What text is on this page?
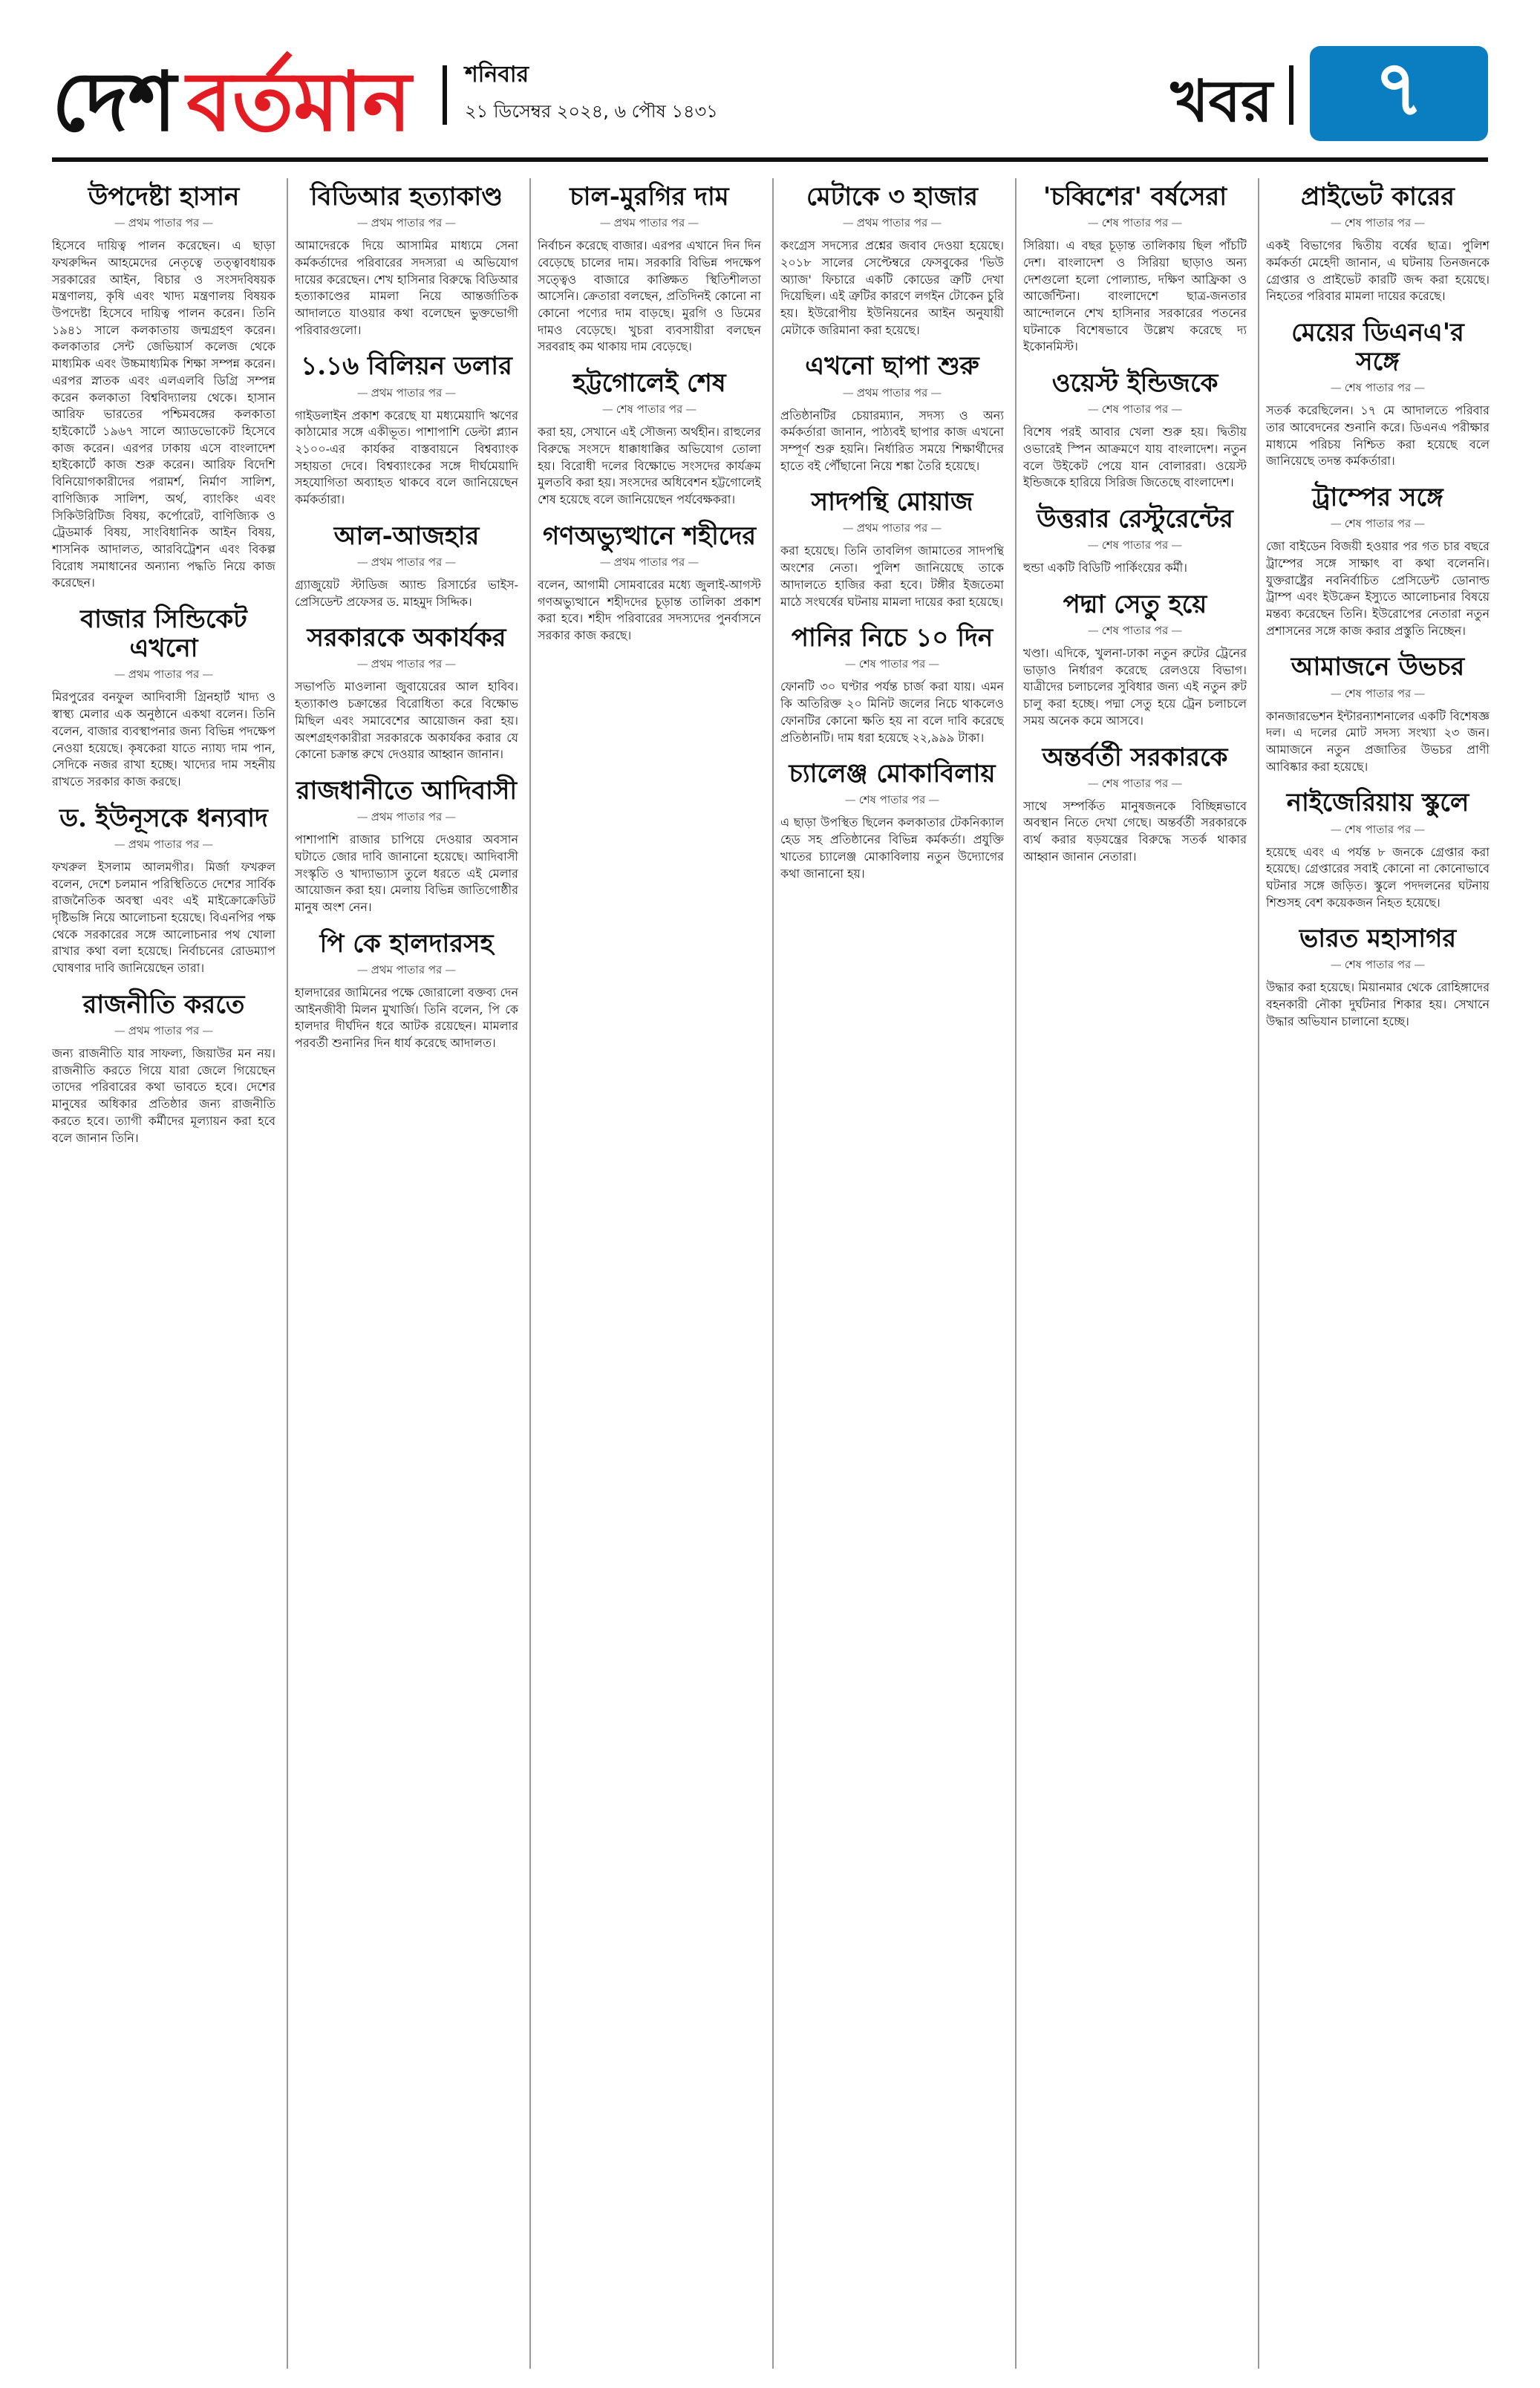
দেশ বর্তমান শনিবার
২১ ডিসেম্বর ২০২৪, ৬ পৌষ ১৪৩১	খবর	৭
উপদেষ্টা হাসান
— প্রথম পাতার পর —
হিসেবে দায়িত্ব পালন করেছেন। এ ছাড়া ফখরুদ্দিন আহমেদের নেতৃত্বে তত্ত্বাবধায়ক সরকারের আইন, বিচার ও সংসদবিষয়ক মন্ত্রণালয়, কৃষি এবং খাদ্য মন্ত্রণালয় বিষয়ক উপদেষ্টা হিসেবে দায়িত্ব পালন করেন। তিনি ১৯৪১ সালে কলকাতায় জন্মগ্রহণ করেন। কলকাতার সেন্ট জেভিয়ার্স কলেজ থেকে মাধ্যমিক এবং উচ্চমাধ্যমিক শিক্ষা সম্পন্ন করেন। এরপর স্নাতক এবং এলএলবি ডিগ্রি সম্পন্ন করেন কলকাতা বিশ্ববিদ্যালয় থেকে। হাসান আরিফ ভারতের পশ্চিমবঙ্গের কলকাতা হাইকোর্টে ১৯৬৭ সালে অ্যাডভোকেট হিসেবে কাজ করেন। এরপর ঢাকায় এসে বাংলাদেশ হাইকোর্টে কাজ শুরু করেন। আরিফ বিদেশি বিনিয়োগকারীদের পরামর্শ, নির্মাণ সালিশ, বাণিজ্যিক সালিশ, অর্থ, ব্যাংকিং এবং সিকিউরিটিজ বিষয়, কর্পোরেট, বাণিজ্যিক ও ট্রেডমার্ক বিষয়, সাংবিধানিক আইন বিষয়, শাসনিক আদালত, আরবিট্রেশন এবং বিকল্প বিরোধ সমাধানের অন্যান্য পদ্ধতি নিয়ে কাজ করেছেন।
বাজার সিন্ডিকেট এখনো
— প্রথম পাতার পর —
মিরপুরের বনফুল আদিবাসী গ্রিনহার্ট খাদ্য ও স্বাস্থ্য মেলার এক অনুষ্ঠানে একথা বলেন। তিনি বলেন, বাজার ব্যবস্থাপনার জন্য বিভিন্ন পদক্ষেপ নেওয়া হয়েছে। কৃষকেরা যাতে ন্যায্য দাম পান, সেদিকে নজর রাখা হচ্ছে। খাদ্যের দাম সহনীয় রাখতে সরকার কাজ করছে।
ড. ইউনূসকে ধন্যবাদ
— প্রথম পাতার পর —
ফখরুল ইসলাম আলমগীর। মির্জা ফখরুল বলেন, দেশে চলমান পরিস্থিতিতে দেশের সার্বিক রাজনৈতিক অবস্থা এবং এই মাইক্রোক্রেডিট দৃষ্টিভঙ্গি নিয়ে আলোচনা হয়েছে। বিএনপির পক্ষ থেকে সরকারের সঙ্গে আলোচনার পথ খোলা রাখার কথা বলা হয়েছে। নির্বাচনের রোডম্যাপ ঘোষণার দাবি জানিয়েছেন তারা।
রাজনীতি করতে
— প্রথম পাতার পর —
জন্য রাজনীতি যার সাফল্য, জিয়াউর মন নয়। রাজনীতি করতে গিয়ে যারা জেলে গিয়েছেন তাদের পরিবারের কথা ভাবতে হবে। দেশের মানুষের অধিকার প্রতিষ্ঠার জন্য রাজনীতি করতে হবে। ত্যাগী কর্মীদের মূল্যায়ন করা হবে বলে জানান তিনি।
বিডিআর হত্যাকাণ্ড
— প্রথম পাতার পর —
আমাদেরকে দিয়ে আসামির মাধ্যমে সেনা কর্মকর্তাদের পরিবারের সদস্যরা এ অভিযোগ দায়ের করেছেন। শেখ হাসিনার বিরুদ্ধে বিডিআর হত্যাকাণ্ডের মামলা নিয়ে আন্তর্জাতিক আদালতে যাওয়ার কথা বলেছেন ভুক্তভোগী পরিবারগুলো।
১.১৬ বিলিয়ন ডলার
— প্রথম পাতার পর —
গাইডলাইন প্রকাশ করেছে যা মধ্যমেয়াদি ঋণের কাঠামোর সঙ্গে একীভূত। পাশাপাশি ডেল্টা প্ল্যান ২১০০-এর কার্যকর বাস্তবায়নে বিশ্বব্যাংক সহায়তা দেবে। বিশ্বব্যাংকের সঙ্গে দীর্ঘমেয়াদি সহযোগিতা অব্যাহত থাকবে বলে জানিয়েছেন কর্মকর্তারা।
আল-আজহার
— প্রথম পাতার পর —
গ্র্যাজুয়েট স্টাডিজ অ্যান্ড রিসার্চের ভাইস-প্রেসিডেন্ট প্রফেসর ড. মাহমুদ সিদ্দিক।
সরকারকে অকার্যকর
— প্রথম পাতার পর —
সভাপতি মাওলানা জুবায়েরের আল হাবিব। হত্যাকাণ্ড চক্রান্তের বিরোধিতা করে বিক্ষোভ মিছিল এবং সমাবেশের আয়োজন করা হয়। অংশগ্রহণকারীরা সরকারকে অকার্যকর করার যে কোনো চক্রান্ত রুখে দেওয়ার আহ্বান জানান।
রাজধানীতে আদিবাসী
— প্রথম পাতার পর —
পাশাপাশি রাজার চাপিয়ে দেওয়ার অবসান ঘটাতে জোর দাবি জানানো হয়েছে। আদিবাসী সংস্কৃতি ও খাদ্যাভ্যাস তুলে ধরতে এই মেলার আয়োজন করা হয়। মেলায় বিভিন্ন জাতিগোষ্ঠীর মানুষ অংশ নেন।
পি কে হালদারসহ
— প্রথম পাতার পর —
হালদারের জামিনের পক্ষে জোরালো বক্তব্য দেন আইনজীবী মিলন মুখার্জি। তিনি বলেন, পি কে হালদার দীর্ঘদিন ধরে আটক রয়েছেন। মামলার পরবর্তী শুনানির দিন ধার্য করেছে আদালত।
চাল-মুরগির দাম
— প্রথম পাতার পর —
নির্বাচন করেছে বাজার। এরপর এখানে দিন দিন বেড়েছে চালের দাম। সরকারি বিভিন্ন পদক্ষেপ সত্ত্বেও বাজারে কাঙ্ক্ষিত স্থিতিশীলতা আসেনি। ক্রেতারা বলছেন, প্রতিদিনই কোনো না কোনো পণ্যের দাম বাড়ছে। মুরগি ও ডিমের দামও বেড়েছে। খুচরা ব্যবসায়ীরা বলছেন সরবরাহ কম থাকায় দাম বেড়েছে।
হট্টগোলেই শেষ
— শেষ পাতার পর —
করা হয়, সেখানে এই সৌজন্য অর্থহীন। রাহুলের বিরুদ্ধে সংসদে ধাক্কাধাক্কির অভিযোগ তোলা হয়। বিরোধী দলের বিক্ষোভে সংসদের কার্যক্রম মুলতবি করা হয়। সংসদের অধিবেশন হট্টগোলেই শেষ হয়েছে বলে জানিয়েছেন পর্যবেক্ষকরা।
গণঅভ্যুত্থানে শহীদের
— প্রথম পাতার পর —
বলেন, আগামী সোমবারের মধ্যে জুলাই-আগস্ট গণঅভ্যুত্থানে শহীদদের চূড়ান্ত তালিকা প্রকাশ করা হবে। শহীদ পরিবারের সদস্যদের পুনর্বাসনে সরকার কাজ করছে।
মেটাকে ৩ হাজার
— প্রথম পাতার পর —
কংগ্রেস সদস্যের প্রশ্নের জবাব দেওয়া হয়েছে। ২০১৮ সালের সেপ্টেম্বরে ফেসবুকের 'ভিউ অ্যাজ' ফিচারে একটি কোডের ত্রুটি দেখা দিয়েছিল। এই ত্রুটির কারণে লগইন টোকেন চুরি হয়। ইউরোপীয় ইউনিয়নের আইন অনুযায়ী মেটাকে জরিমানা করা হয়েছে।
এখনো ছাপা শুরু
— প্রথম পাতার পর —
প্রতিষ্ঠানটির চেয়ারম্যান, সদস্য ও অন্য কর্মকর্তারা জানান, পাঠ্যবই ছাপার কাজ এখনো সম্পূর্ণ শুরু হয়নি। নির্ধারিত সময়ে শিক্ষার্থীদের হাতে বই পৌঁছানো নিয়ে শঙ্কা তৈরি হয়েছে।
সাদপন্থি মোয়াজ
— প্রথম পাতার পর —
করা হয়েছে। তিনি তাবলিগ জামাতের সাদপন্থি অংশের নেতা। পুলিশ জানিয়েছে তাকে আদালতে হাজির করা হবে। টঙ্গীর ইজতেমা মাঠে সংঘর্ষের ঘটনায় মামলা দায়ের করা হয়েছে।
পানির নিচে ১০ দিন
— শেষ পাতার পর —
ফোনটি ৩০ ঘণ্টার পর্যন্ত চার্জ করা যায়। এমন কি অতিরিক্ত ২০ মিনিট জলের নিচে থাকলেও ফোনটির কোনো ক্ষতি হয় না বলে দাবি করেছে প্রতিষ্ঠানটি। দাম ধরা হয়েছে ২২,৯৯৯ টাকা।
চ্যালেঞ্জ মোকাবিলায়
— শেষ পাতার পর —
এ ছাড়া উপস্থিত ছিলেন কলকাতার টেকনিক্যাল হেড সহ প্রতিষ্ঠানের বিভিন্ন কর্মকর্তা। প্রযুক্তি খাতের চ্যালেঞ্জ মোকাবিলায় নতুন উদ্যোগের কথা জানানো হয়।
'চব্বিশের' বর্ষসেরা
— শেষ পাতার পর —
সিরিয়া। এ বছর চূড়ান্ত তালিকায় ছিল পাঁচটি দেশ। বাংলাদেশ ও সিরিয়া ছাড়াও অন্য দেশগুলো হলো পোল্যান্ড, দক্ষিণ আফ্রিকা ও আর্জেন্টিনা। বাংলাদেশে ছাত্র-জনতার আন্দোলনে শেখ হাসিনার সরকারের পতনের ঘটনাকে বিশেষভাবে উল্লেখ করেছে দ্য ইকোনমিস্ট।
ওয়েস্ট ইন্ডিজকে
— শেষ পাতার পর —
বিশেষ পরই আবার খেলা শুরু হয়। দ্বিতীয় ওভারেই স্পিন আক্রমণে যায় বাংলাদেশ। নতুন বলে উইকেট পেয়ে যান বোলাররা। ওয়েস্ট ইন্ডিজকে হারিয়ে সিরিজ জিতেছে বাংলাদেশ।
উত্তরার রেস্টুরেন্টের
— শেষ পাতার পর —
হুন্ডা একটি বিডিটি পার্কিংয়ের কর্মী।
পদ্মা সেতু হয়ে
— শেষ পাতার পর —
খণ্ডা। এদিকে, খুলনা-ঢাকা নতুন রুটের ট্রেনের ভাড়াও নির্ধারণ করেছে রেলওয়ে বিভাগ। যাত্রীদের চলাচলের সুবিধার জন্য এই নতুন রুট চালু করা হচ্ছে। পদ্মা সেতু হয়ে ট্রেন চলাচলে সময় অনেক কমে আসবে।
অন্তর্বর্তী সরকারকে
— শেষ পাতার পর —
সাথে সম্পর্কিত মানুষজনকে বিচ্ছিন্নভাবে অবস্থান নিতে দেখা গেছে। অন্তর্বর্তী সরকারকে ব্যর্থ করার ষড়যন্ত্রের বিরুদ্ধে সতর্ক থাকার আহ্বান জানান নেতারা।
প্রাইভেট কারের
— শেষ পাতার পর —
একই বিভাগের দ্বিতীয় বর্ষের ছাত্র। পুলিশ কর্মকর্তা মেহেদী জানান, এ ঘটনায় তিনজনকে গ্রেপ্তার ও প্রাইভেট কারটি জব্দ করা হয়েছে। নিহতের পরিবার মামলা দায়ের করেছে।
মেয়ের ডিএনএ'র সঙ্গে
— শেষ পাতার পর —
সতর্ক করেছিলেন। ১৭ মে আদালতে পরিবার তার আবেদনের শুনানি করে। ডিএনএ পরীক্ষার মাধ্যমে পরিচয় নিশ্চিত করা হয়েছে বলে জানিয়েছে তদন্ত কর্মকর্তারা।
ট্রাম্পের সঙ্গে
— শেষ পাতার পর —
জো বাইডেন বিজয়ী হওয়ার পর গত চার বছরে ট্রাম্পের সঙ্গে সাক্ষাৎ বা কথা বলেননি। যুক্তরাষ্ট্রের নবনির্বাচিত প্রেসিডেন্ট ডোনাল্ড ট্রাম্প এবং ইউক্রেন ইস্যুতে আলোচনার বিষয়ে মন্তব্য করেছেন তিনি। ইউরোপের নেতারা নতুন প্রশাসনের সঙ্গে কাজ করার প্রস্তুতি নিচ্ছেন।
আমাজনে উভচর
— শেষ পাতার পর —
কানজারভেশন ইন্টারন্যাশনালের একটি বিশেষজ্ঞ দল। এ দলের মোট সদস্য সংখ্যা ২৩ জন। আমাজনে নতুন প্রজাতির উভচর প্রাণী আবিষ্কার করা হয়েছে।
নাইজেরিয়ায় স্কুলে
— শেষ পাতার পর —
হয়েছে এবং এ পর্যন্ত ৮ জনকে গ্রেপ্তার করা হয়েছে। গ্রেপ্তারের সবাই কোনো না কোনোভাবে ঘটনার সঙ্গে জড়িত। স্কুলে পদদলনের ঘটনায় শিশুসহ বেশ কয়েকজন নিহত হয়েছে।
ভারত মহাসাগর
— শেষ পাতার পর —
উদ্ধার করা হয়েছে। মিয়ানমার থেকে রোহিঙ্গাদের বহনকারী নৌকা দুর্ঘটনার শিকার হয়। সেখানে উদ্ধার অভিযান চালানো হচ্ছে।
